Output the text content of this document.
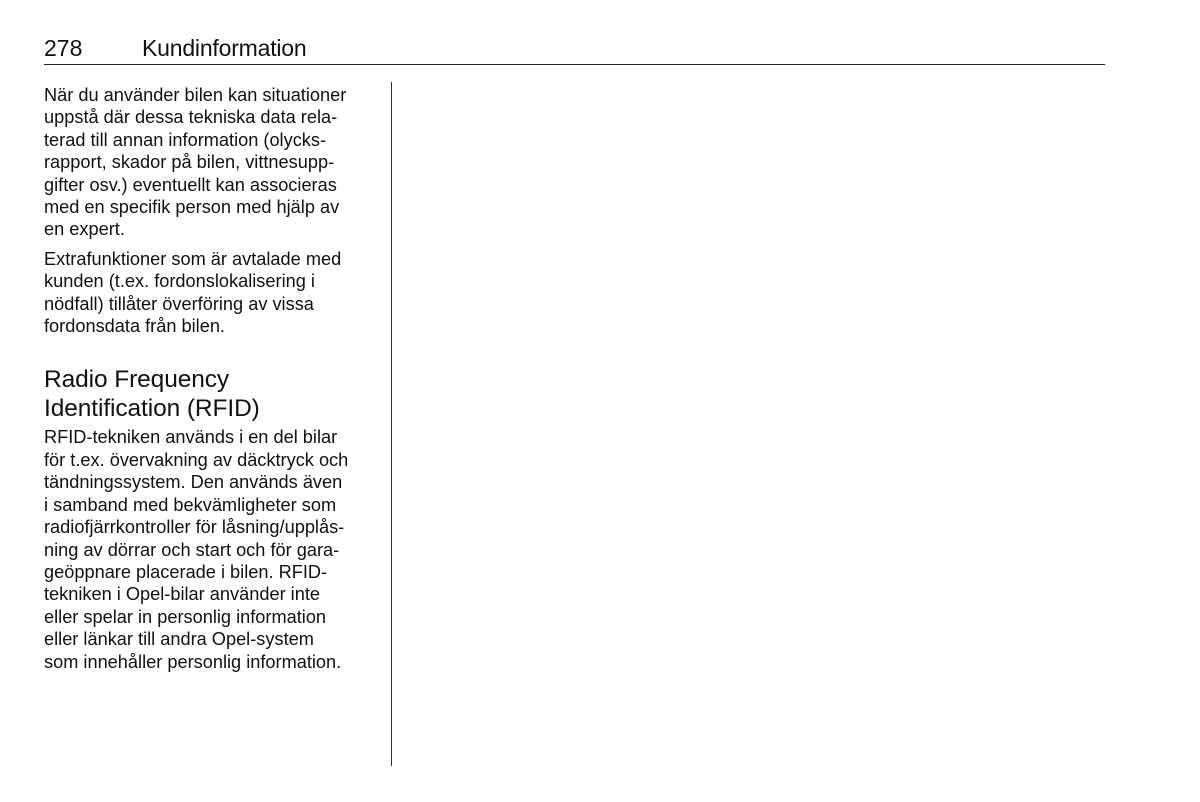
278	Kundinformation

När du använder bilen kan situationer
uppstå där dessa tekniska data rela-
terad till annan information (olycks-
rapport, skador på bilen, vittnesupp-
gifter osv.) eventuellt kan associeras
med en specifik person med hjälp av
en expert.

Extrafunktioner som är avtalade med
kunden (t.ex. fordonslokalisering i
nödfall) tillåter överföring av vissa
fordonsdata från bilen.

Radio Frequency
Identification (RFID)

RFID-tekniken används i en del bilar
för t.ex. övervakning av däcktryck och
tändningssystem. Den används även
i samband med bekvämligheter som
radiofjärrkontroller för låsning/upplås-
ning av dörrar och start och för gara-
geöppnare placerade i bilen. RFID-
tekniken i Opel-bilar använder inte
eller spelar in personlig information
eller länkar till andra Opel-system
som innehåller personlig information.
